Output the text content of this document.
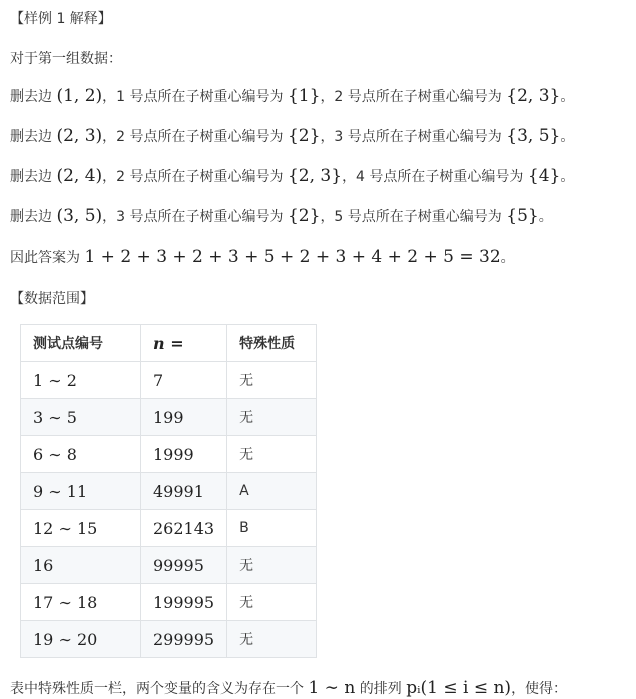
【样例 1 解释】
对于第一组数据：
删去边 (1, 2)，1 号点所在子树重心编号为 {1}，2 号点所在子树重心编号为 {2, 3}。
删去边 (2, 3)，2 号点所在子树重心编号为 {2}，3 号点所在子树重心编号为 {3, 5}。
删去边 (2, 4)，2 号点所在子树重心编号为 {2, 3}，4 号点所在子树重心编号为 {4}。
删去边 (3, 5)，3 号点所在子树重心编号为 {2}，5 号点所在子树重心编号为 {5}。
因此答案为 1 + 2 + 3 + 2 + 3 + 5 + 2 + 3 + 4 + 2 + 5 = 32。
【数据范围】
测试点编号	n =	特殊性质
1 ∼ 2	7	无
3 ∼ 5	199	无
6 ∼ 8	1999	无
9 ∼ 11	49991	A
12 ∼ 15	262143	B
16	99995	无
17 ∼ 18	199995	无
19 ∼ 20	299995	无
表中特殊性质一栏，两个变量的含义为存在一个 1 ∼ n 的排列 pᵢ(1 ≤ i ≤ n)，使得：
